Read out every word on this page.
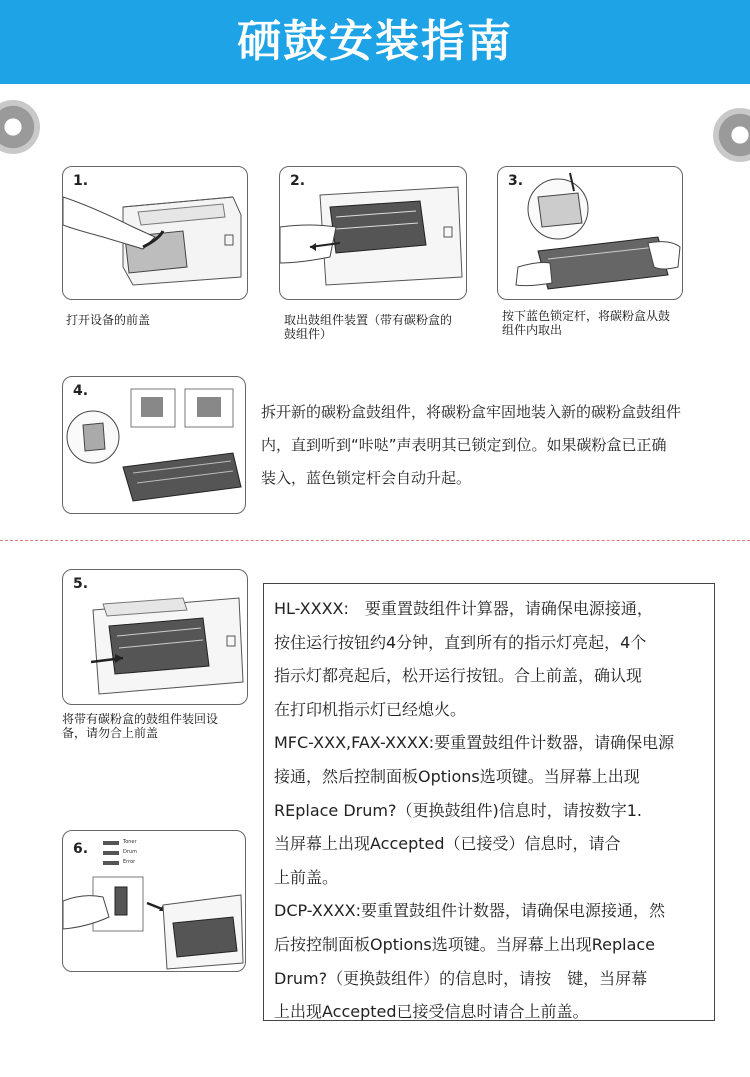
硒鼓安装指南
1.
打开设备的前盖
2.
取出鼓组件装置（带有碳粉盒的
鼓组件）
3.
按下蓝色锁定杆，将碳粉盒从鼓
组件内取出
4.
拆开新的碳粉盒鼓组件，将碳粉盒牢固地装入新的碳粉盒鼓组件
内，直到听到“咔哒”声表明其已锁定到位。如果碳粉盒已正确
装入，蓝色锁定杆会自动升起。
5.
将带有碳粉盒的鼓组件装回设
备，请勿合上前盖
6.	Toner
Drum
Error
HL-XXXX:　要重置鼓组件计算器，请确保电源接通，
按住运行按钮约4分钟，直到所有的指示灯亮起，4个
指示灯都亮起后，松开运行按钮。合上前盖，确认现
在打印机指示灯已经熄火。
MFC-XXX,FAX-XXXX:要重置鼓组件计数器，请确保电源
接通，然后控制面板Options选项键。当屏幕上出现
REplace Drum?（更换鼓组件)信息时，请按数字1.
当屏幕上出现Accepted（已接受）信息时，请合
上前盖。
DCP-XXXX:要重置鼓组件计数器，请确保电源接通，然
后按控制面板Options选项键。当屏幕上出现Replace
Drum?（更换鼓组件）的信息时，请按　键，当屏幕
上出现Accepted已接受信息时请合上前盖。
